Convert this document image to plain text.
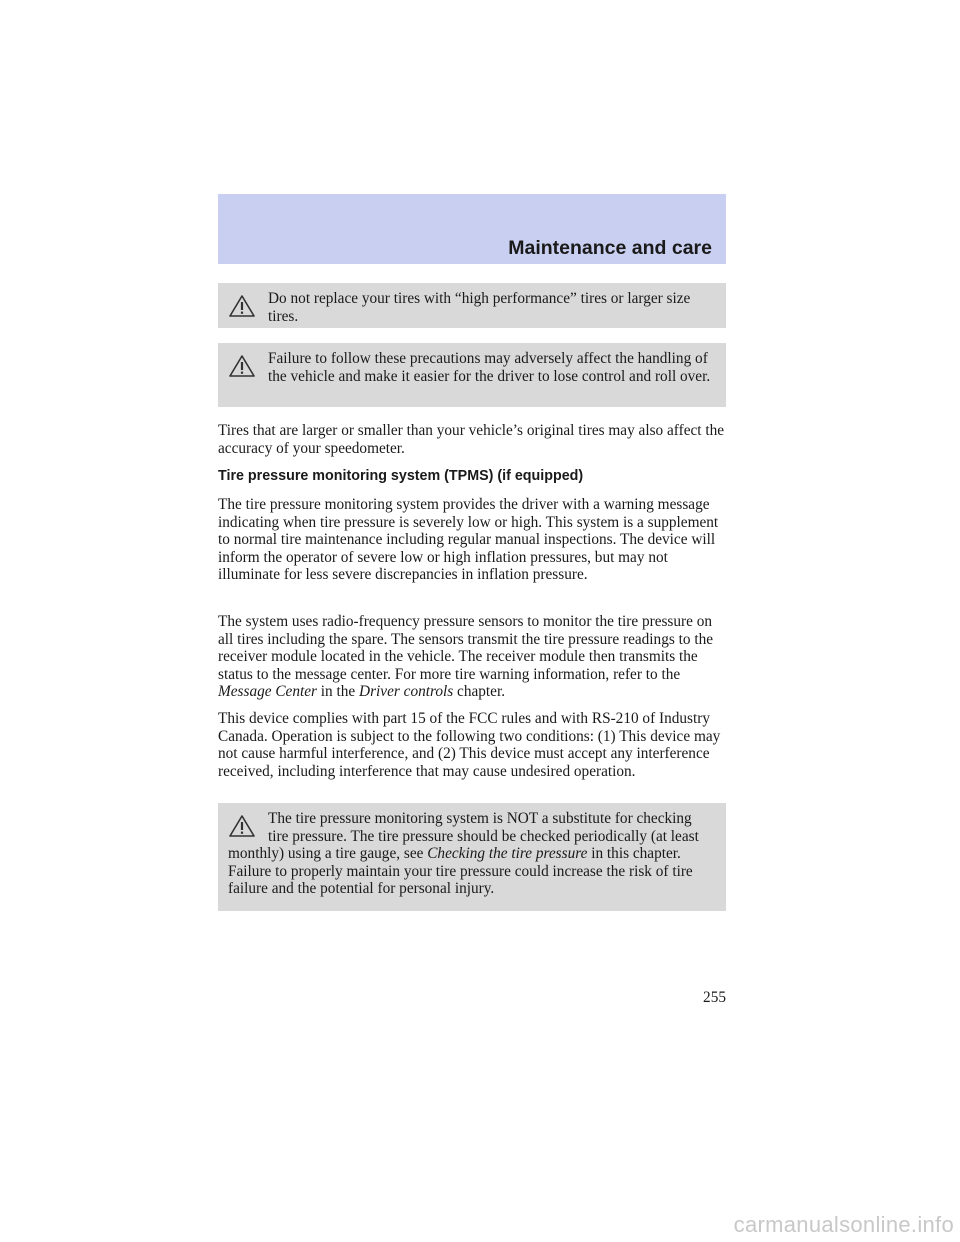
Maintenance and care

Do not replace your tires with “high performance” tires or larger size tires.

Failure to follow these precautions may adversely affect the handling of the vehicle and make it easier for the driver to lose control and roll over.

Tires that are larger or smaller than your vehicle’s original tires may also affect the accuracy of your speedometer.

Tire pressure monitoring system (TPMS) (if equipped)

The tire pressure monitoring system provides the driver with a warning message indicating when tire pressure is severely low or high. This system is a supplement to normal tire maintenance including regular manual inspections. The device will inform the operator of severe low or high inflation pressures, but may not illuminate for less severe discrepancies in inflation pressure.

The system uses radio-frequency pressure sensors to monitor the tire pressure on all tires including the spare. The sensors transmit the tire pressure readings to the receiver module located in the vehicle. The receiver module then transmits the status to the message center. For more tire warning information, refer to the Message Center in the Driver controls chapter.

This device complies with part 15 of the FCC rules and with RS-210 of Industry Canada. Operation is subject to the following two conditions: (1) This device may not cause harmful interference, and (2) This device must accept any interference received, including interference that may cause undesired operation.

The tire pressure monitoring system is NOT a substitute for checking tire pressure. The tire pressure should be checked periodically (at least monthly) using a tire gauge, see Checking the tire pressure in this chapter. Failure to properly maintain your tire pressure could increase the risk of tire failure and the potential for personal injury.

255
carmanualsonline.info
